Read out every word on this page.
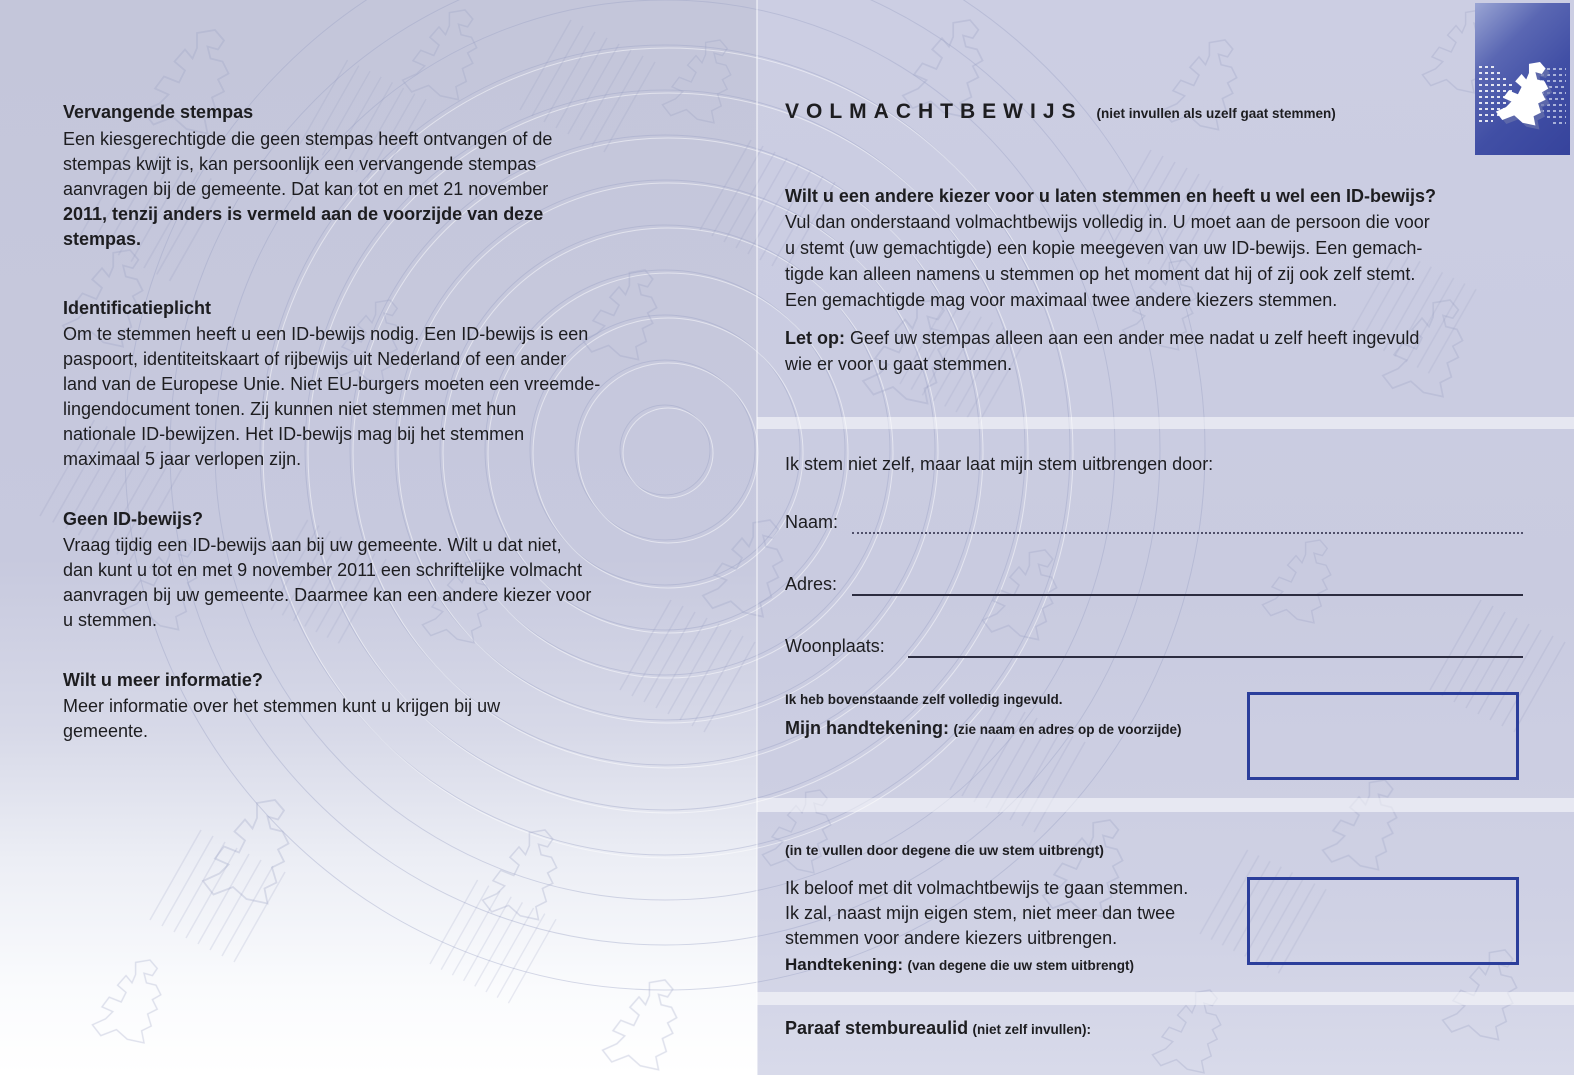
Vervangende stempas
Een kiesgerechtigde die geen stempas heeft ontvangen of de
stempas kwijt is, kan persoonlijk een vervangende stempas
aanvragen bij de gemeente. Dat kan tot en met 21 november
2011, tenzij anders is vermeld aan de voorzijde van deze
stempas.
Identificatieplicht
Om te stemmen heeft u een ID-bewijs nodig. Een ID-bewijs is een
paspoort, identiteitskaart of rijbewijs uit Nederland of een ander
land van de Europese Unie. Niet EU-burgers moeten een vreemde-
lingendocument tonen. Zij kunnen niet stemmen met hun
nationale ID-bewijzen. Het ID-bewijs mag bij het stemmen
maximaal 5 jaar verlopen zijn.
Geen ID-bewijs?
Vraag tijdig een ID-bewijs aan bij uw gemeente. Wilt u dat niet,
dan kunt u tot en met 9 november 2011 een schriftelijke volmacht
aanvragen bij uw gemeente. Daarmee kan een andere kiezer voor
u stemmen.
Wilt u meer informatie?
Meer informatie over het stemmen kunt u krijgen bij uw
gemeente.
VOLMACHTBEWIJS (niet invullen als uzelf gaat stemmen)
Wilt u een andere kiezer voor u laten stemmen en heeft u wel een ID-bewijs?
Vul dan onderstaand volmachtbewijs volledig in. U moet aan de persoon die voor
u stemt (uw gemachtigde) een kopie meegeven van uw ID-bewijs. Een gemach-
tigde kan alleen namens u stemmen op het moment dat hij of zij ook zelf stemt.
Een gemachtigde mag voor maximaal twee andere kiezers stemmen.
Let op: Geef uw stempas alleen aan een ander mee nadat u zelf heeft ingevuld
wie er voor u gaat stemmen.
Ik stem niet zelf, maar laat mijn stem uitbrengen door:
Naam:
Adres:
Woonplaats:
Ik heb bovenstaande zelf volledig ingevuld.
Mijn handtekening: (zie naam en adres op de voorzijde)
(in te vullen door degene die uw stem uitbrengt)
Ik beloof met dit volmachtbewijs te gaan stemmen.
Ik zal, naast mijn eigen stem, niet meer dan twee
stemmen voor andere kiezers uitbrengen.
Handtekening: (van degene die uw stem uitbrengt)
Paraaf stembureaulid (niet zelf invullen):
